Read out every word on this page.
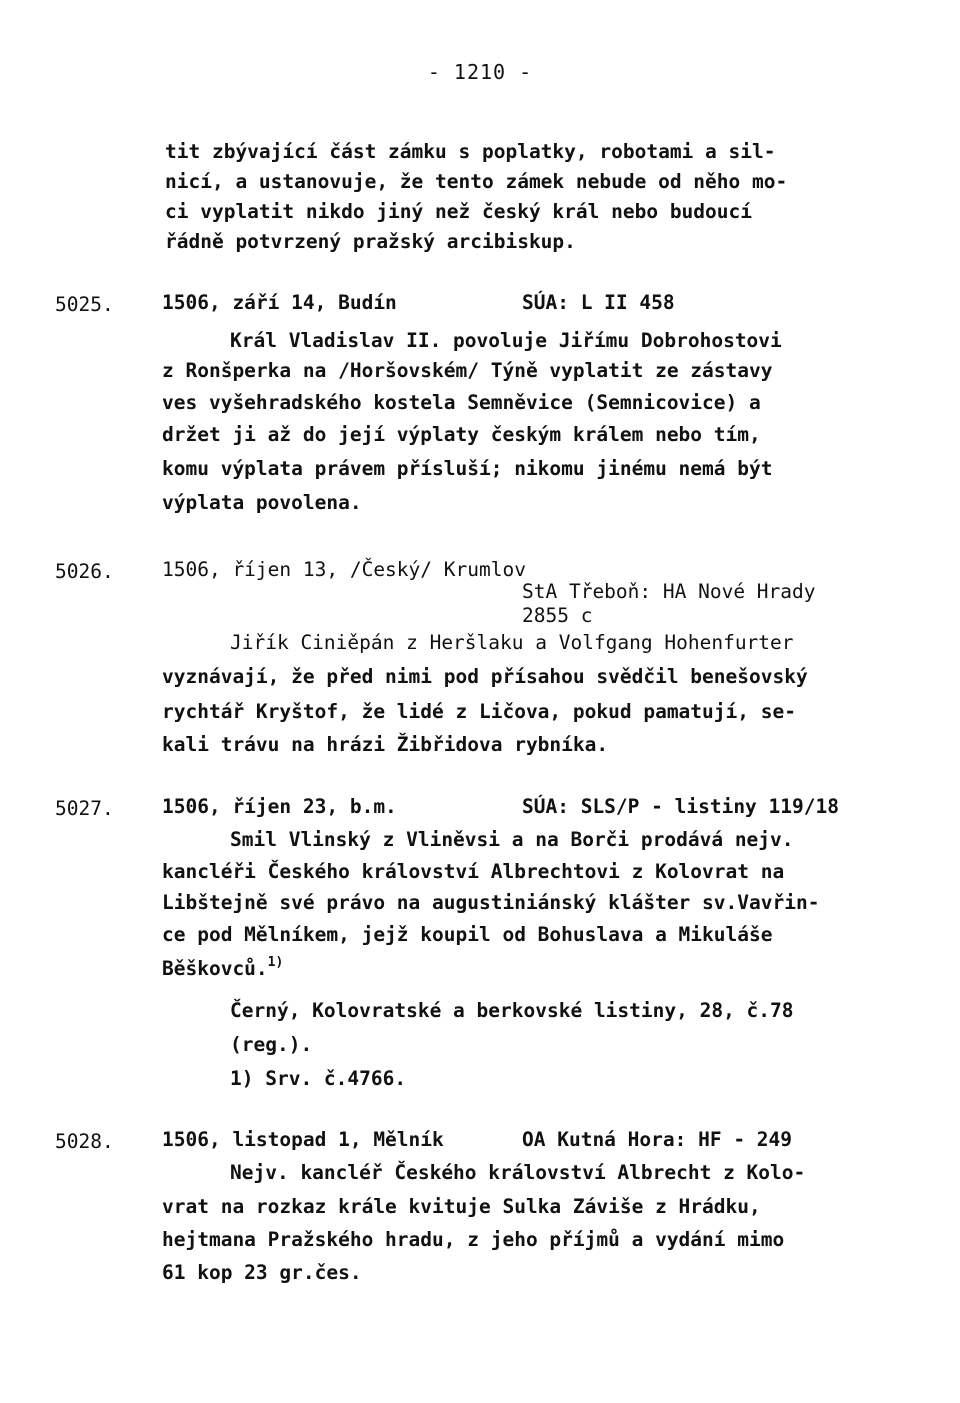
- 1210 -
tit zbývající část zámku s poplatky, robotami a sil-
nicí, a ustanovuje, že tento zámek nebude od něho mo-
ci vyplatit nikdo jiný než český král nebo budoucí
řádně potvrzený pražský arcibiskup.
5025. 1506, září 14, Budín	SÚA: L II 458
Král Vladislav II. povoluje Jiřímu Dobrohostovi
z Ronšperka na /Horšovském/ Týně vyplatit ze zástavy
ves vyšehradského kostela Semněvice (Semnicovice) a
držet ji až do její výplaty českým králem nebo tím,
komu výplata právem přísluší; nikomu jinému nemá být
výplata povolena.
5026. 1506, říjen 13, /Český/ Krumlov
StA Třeboň: HA Nové Hrady
2855 c
Jiřík Ciniěpán z Heršlaku a Volfgang Hohenfurter
vyznávají, že před nimi pod přísahou svědčil benešovský
rychtář Kryštof, že lidé z Ličova, pokud pamatují, se-
kali trávu na hrázi Žibřidova rybníka.
5027. 1506, říjen 23, b.m.	SÚA: SLS/P - listiny 119/18
Smil Vlinský z Vliněvsi a na Borči prodává nejv.
kancléři Českého království Albrechtovi z Kolovrat na
Libštejně své právo na augustiniánský klášter sv.Vavřin-
ce pod Mělníkem, jejž koupil od Bohuslava a Mikuláše
Běškovců.$^{1)}$
Černý, Kolovratské a berkovské listiny, 28, č.78
(reg.).
1) Srv. č.4766.
5028. 1506, listopad 1, Mělník	OA Kutná Hora: HF - 249
Nejv. kancléř Českého království Albrecht z Kolo-
vrat na rozkaz krále kvituje Sulka Záviše z Hrádku,
hejtmana Pražského hradu, z jeho příjmů a vydání mimo
61 kop 23 gr.čes.
